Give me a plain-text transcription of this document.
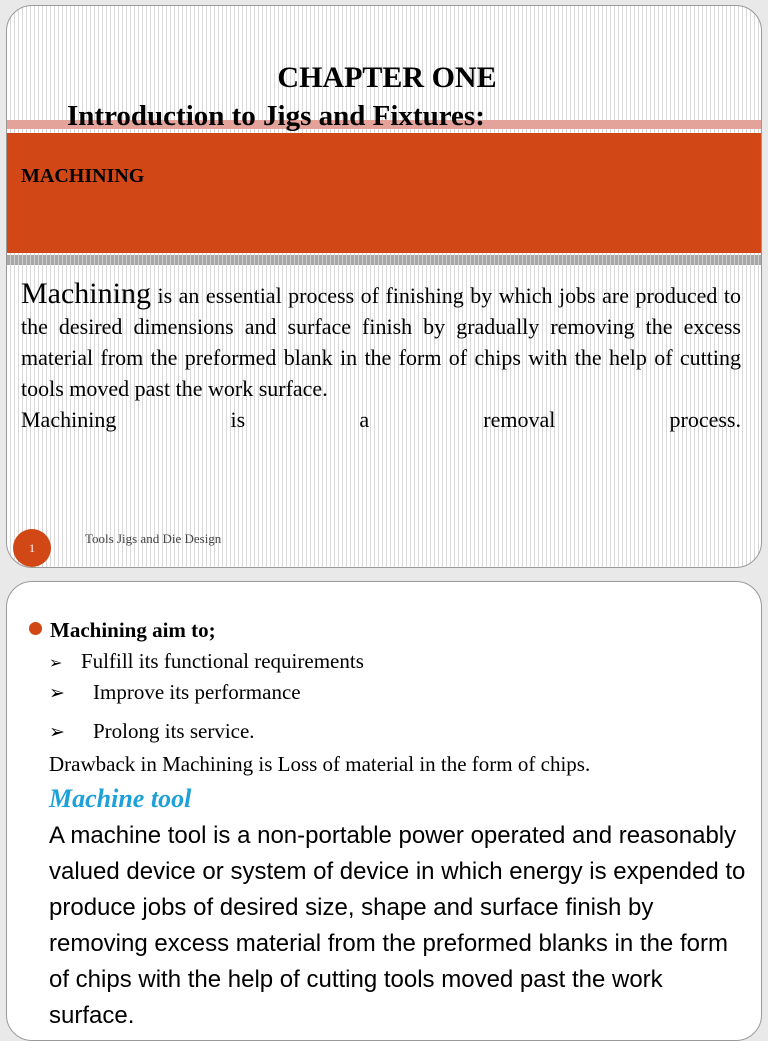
CHAPTER ONE
Introduction to Jigs and Fixtures:
MACHINING
Machining is an essential process of finishing by which jobs are produced to the desired dimensions and surface finish by gradually removing the excess material from the preformed blank in the form of chips with the help of cutting tools moved past the work surface.
Machining	is	a	removal	process.
1
Tools Jigs and Die Design
Machining aim to;
➢ Fulfill its functional requirements
➢ Improve its performance
➢ Prolong its service.
Drawback in Machining is Loss of material in the form of chips.
Machine tool
A machine tool is a non-portable power operated and reasonably valued device or system of device in which energy is expended to produce jobs of desired size, shape and surface finish by removing excess material from the preformed blanks in the form of chips with the help of cutting tools moved past the work surface.
